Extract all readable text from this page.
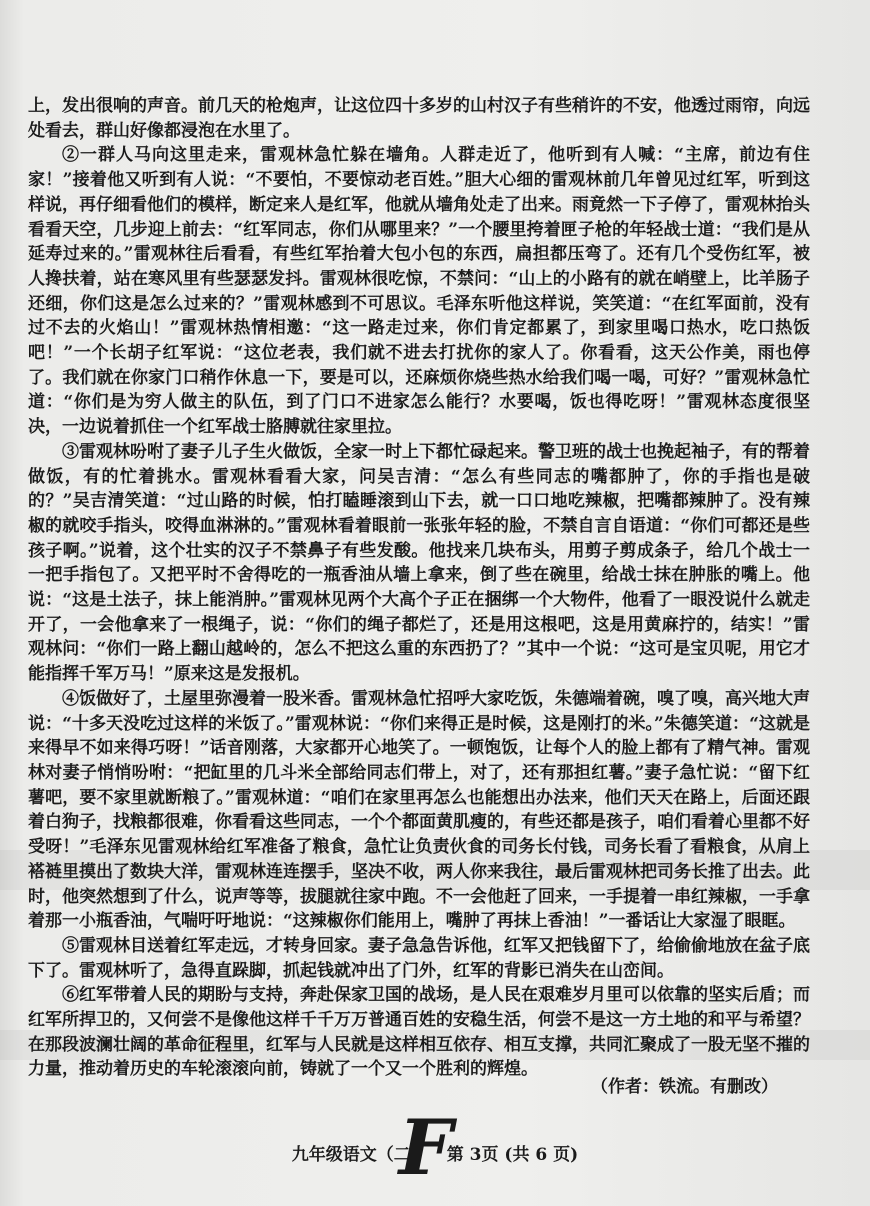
上，发出很响的声音。前几天的枪炮声，让这位四十多岁的山村汉子有些稍许的不安，他透过雨帘，向远处看去，群山好像都浸泡在水里了。

②一群人马向这里走来，雷观林急忙躲在墙角。人群走近了，他听到有人喊：“主席，前边有住家！”接着他又听到有人说：“不要怕，不要惊动老百姓。”胆大心细的雷观林前几年曾见过红军，听到这样说，再仔细看他们的模样，断定来人是红军，他就从墙角处走了出来。雨竟然一下子停了，雷观林抬头看看天空，几步迎上前去：“红军同志，你们从哪里来？”一个腰里挎着匣子枪的年轻战士道：“我们是从延寿过来的。”雷观林往后看看，有些红军抬着大包小包的东西，扁担都压弯了。还有几个受伤红军，被人搀扶着，站在寒风里有些瑟瑟发抖。雷观林很吃惊，不禁问：“山上的小路有的就在峭壁上，比羊肠子还细，你们这是怎么过来的？”雷观林感到不可思议。毛泽东听他这样说，笑笑道：“在红军面前，没有过不去的火焰山！”雷观林热情相邀：“这一路走过来，你们肯定都累了，到家里喝口热水，吃口热饭吧！”一个长胡子红军说：“这位老表，我们就不进去打扰你的家人了。你看看，这天公作美，雨也停了。我们就在你家门口稍作休息一下，要是可以，还麻烦你烧些热水给我们喝一喝，可好？”雷观林急忙道：“你们是为穷人做主的队伍，到了门口不进家怎么能行？水要喝，饭也得吃呀！”雷观林态度很坚决，一边说着抓住一个红军战士胳膊就往家里拉。

③雷观林吩咐了妻子儿子生火做饭，全家一时上下都忙碌起来。警卫班的战士也挽起袖子，有的帮着做饭，有的忙着挑水。雷观林看看大家，问吴吉清：“怎么有些同志的嘴都肿了，你的手指也是破的？”吴吉清笑道：“过山路的时候，怕打瞌睡滚到山下去，就一口口地吃辣椒，把嘴都辣肿了。没有辣椒的就咬手指头，咬得血淋淋的。”雷观林看着眼前一张张年轻的脸，不禁自言自语道：“你们可都还是些孩子啊。”说着，这个壮实的汉子不禁鼻子有些发酸。他找来几块布头，用剪子剪成条子，给几个战士一一把手指包了。又把平时不舍得吃的一瓶香油从墙上拿来，倒了些在碗里，给战士抹在肿胀的嘴上。他说：“这是土法子，抹上能消肿。”雷观林见两个大高个子正在捆绑一个大物件，他看了一眼没说什么就走开了，一会他拿来了一根绳子，说：“你们的绳子都烂了，还是用这根吧，这是用黄麻拧的，结实！”雷观林问：“你们一路上翻山越岭的，怎么不把这么重的东西扔了？”其中一个说：“这可是宝贝呢，用它才能指挥千军万马！”原来这是发报机。

④饭做好了，土屋里弥漫着一股米香。雷观林急忙招呼大家吃饭，朱德端着碗，嗅了嗅，高兴地大声说：“十多天没吃过这样的米饭了。”雷观林说：“你们来得正是时候，这是刚打的米。”朱德笑道：“这就是来得早不如来得巧呀！”话音刚落，大家都开心地笑了。一顿饱饭，让每个人的脸上都有了精气神。雷观林对妻子悄悄吩咐：“把缸里的几斗米全部给同志们带上，对了，还有那担红薯。”妻子急忙说：“留下红薯吧，要不家里就断粮了。”雷观林道：“咱们在家里再怎么也能想出办法来，他们天天在路上，后面还跟着白狗子，找粮都很难，你看看这些同志，一个个都面黄肌瘦的，有些还都是孩子，咱们看着心里都不好受呀！”毛泽东见雷观林给红军准备了粮食，急忙让负责伙食的司务长付钱，司务长看了看粮食，从肩上褡裢里摸出了数块大洋，雷观林连连摆手，坚决不收，两人你来我往，最后雷观林把司务长推了出去。此时，他突然想到了什么，说声等等，拔腿就往家中跑。不一会他赶了回来，一手提着一串红辣椒，一手拿着那一小瓶香油，气喘吁吁地说：“这辣椒你们能用上，嘴肿了再抹上香油！”一番话让大家湿了眼眶。

⑤雷观林目送着红军走远，才转身回家。妻子急急告诉他，红军又把钱留下了，给偷偷地放在盆子底下了。雷观林听了，急得直跺脚，抓起钱就冲出了门外，红军的背影已消失在山峦间。

⑥红军带着人民的期盼与支持，奔赴保家卫国的战场，是人民在艰难岁月里可以依靠的坚实后盾；而红军所捍卫的，又何尝不是像他这样千千万万普通百姓的安稳生活，何尝不是这一方土地的和平与希望？在那段波澜壮阔的革命征程里，红军与人民就是这样相互依存、相互支撑，共同汇聚成了一股无坚不摧的力量，推动着历史的车轮滚滚向前，铸就了一个又一个胜利的辉煌。

（作者：铁流。有删改）
九年级语文（二F第 3页 (共 6 页)
